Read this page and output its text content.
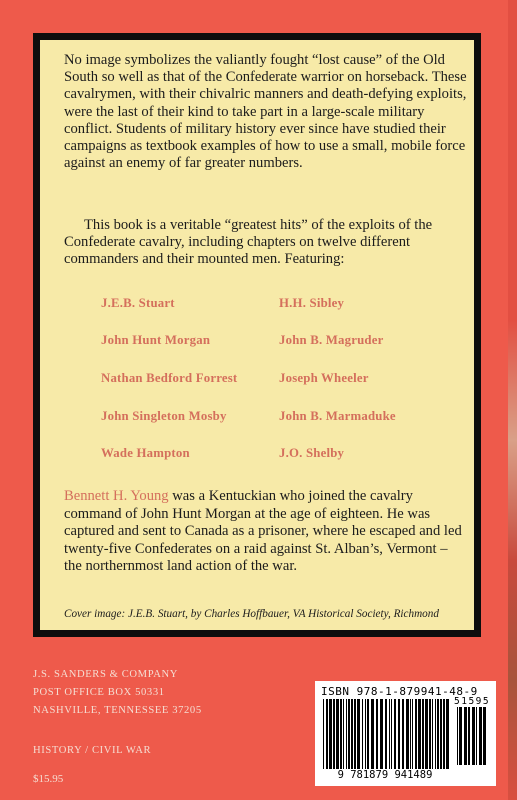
No image symbolizes the valiantly fought “lost cause” of the Old South so well as that of the Confederate warrior on horseback. These cavalrymen, with their chivalric manners and death-defying exploits, were the last of their kind to take part in a large-scale military conflict. Students of military history ever since have studied their campaigns as textbook examples of how to use a small, mobile force against an enemy of far greater numbers.

This book is a veritable “greatest hits” of the exploits of the Confederate cavalry, including chapters on twelve different commanders and their mounted men. Featuring:

J.E.B. Stuart
John Hunt Morgan
Nathan Bedford Forrest
John Singleton Mosby
Wade Hampton
H.H. Sibley
John B. Magruder
Joseph Wheeler
John B. Marmaduke
J.O. Shelby

Bennett H. Young was a Kentuckian who joined the cavalry command of John Hunt Morgan at the age of eighteen. He was captured and sent to Canada as a prisoner, where he escaped and led twenty-five Confederates on a raid against St. Alban’s, Vermont – the northernmost land action of the war.

Cover image: J.E.B. Stuart, by Charles Hoffbauer, VA Historical Society, Richmond
J.S. SANDERS & COMPANY
POST OFFICE BOX 50331
NASHVILLE, TENNESSEE 37205
HISTORY / CIVIL WAR
$15.95
ISBN 978-1-879941-48-9
51595
9 781879 941489
